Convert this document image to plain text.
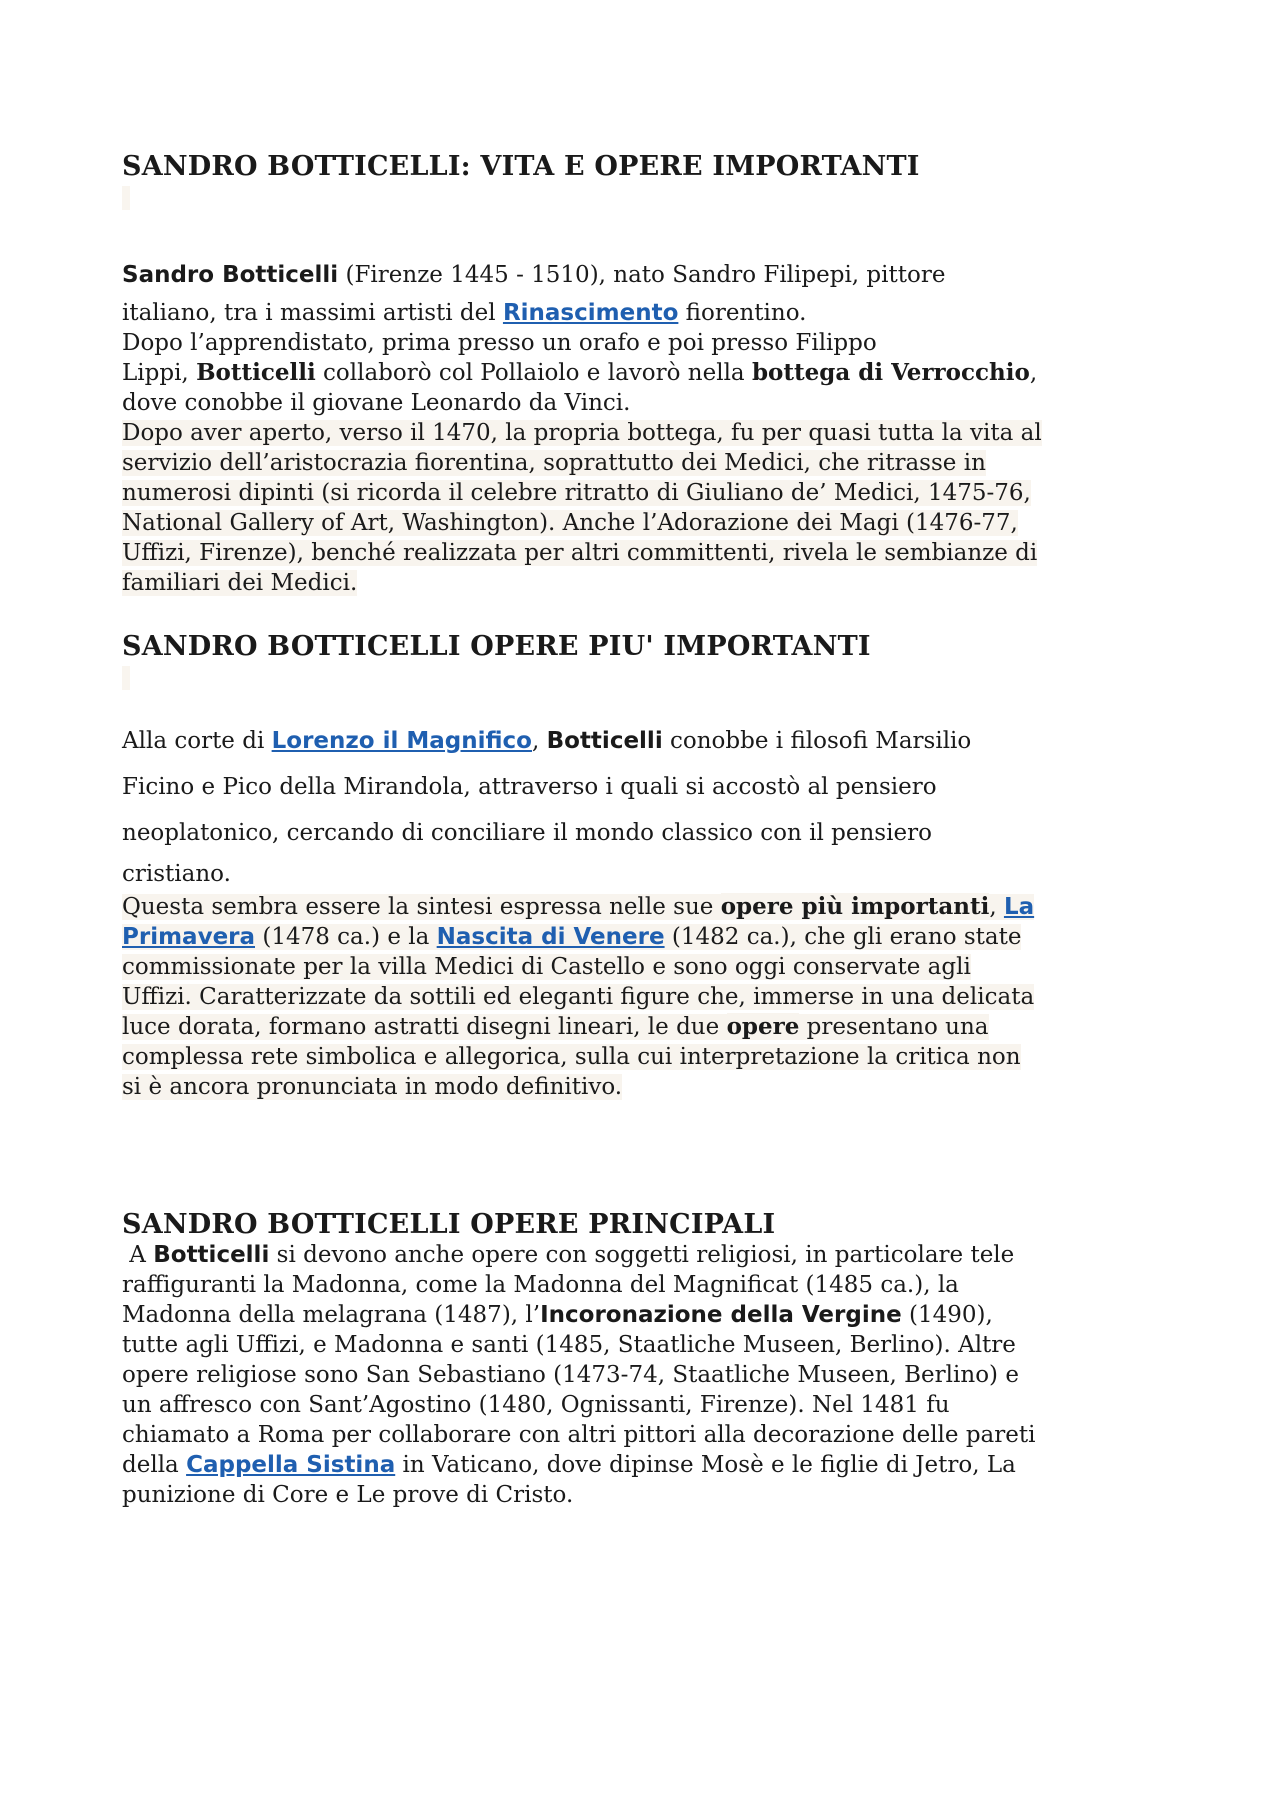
SANDRO BOTTICELLI: VITA E OPERE IMPORTANTI
Sandro Botticelli (Firenze 1445 - 1510), nato Sandro Filipepi, pittore
italiano, tra i massimi artisti del Rinascimento fiorentino.
Dopo l’apprendistato, prima presso un orafo e poi presso Filippo
Lippi, Botticelli collaborò col Pollaiolo e lavorò nella bottega di Verrocchio,
dove conobbe il giovane Leonardo da Vinci.
Dopo aver aperto, verso il 1470, la propria bottega, fu per quasi tutta la vita al
servizio dell’aristocrazia fiorentina, soprattutto dei Medici, che ritrasse in
numerosi dipinti (si ricorda il celebre ritratto di Giuliano de’ Medici, 1475-76,
National Gallery of Art, Washington). Anche l’Adorazione dei Magi (1476-77,
Uffizi, Firenze), benché realizzata per altri committenti, rivela le sembianze di
familiari dei Medici.
SANDRO BOTTICELLI OPERE PIU' IMPORTANTI
Alla corte di Lorenzo il Magnifico, Botticelli conobbe i filosofi Marsilio
Ficino e Pico della Mirandola, attraverso i quali si accostò al pensiero
neoplatonico, cercando di conciliare il mondo classico con il pensiero
cristiano.
Questa sembra essere la sintesi espressa nelle sue opere più importanti, La
Primavera (1478 ca.) e la Nascita di Venere (1482 ca.), che gli erano state
commissionate per la villa Medici di Castello e sono oggi conservate agli
Uffizi. Caratterizzate da sottili ed eleganti figure che, immerse in una delicata
luce dorata, formano astratti disegni lineari, le due opere presentano una
complessa rete simbolica e allegorica, sulla cui interpretazione la critica non
si è ancora pronunciata in modo definitivo.
SANDRO BOTTICELLI OPERE PRINCIPALI
A Botticelli si devono anche opere con soggetti religiosi, in particolare tele
raffiguranti la Madonna, come la Madonna del Magnificat (1485 ca.), la
Madonna della melagrana (1487), l’Incoronazione della Vergine (1490),
tutte agli Uffizi, e Madonna e santi (1485, Staatliche Museen, Berlino). Altre
opere religiose sono San Sebastiano (1473-74, Staatliche Museen, Berlino) e
un affresco con Sant’Agostino (1480, Ognissanti, Firenze). Nel 1481 fu
chiamato a Roma per collaborare con altri pittori alla decorazione delle pareti
della Cappella Sistina in Vaticano, dove dipinse Mosè e le figlie di Jetro, La
punizione di Core e Le prove di Cristo.
